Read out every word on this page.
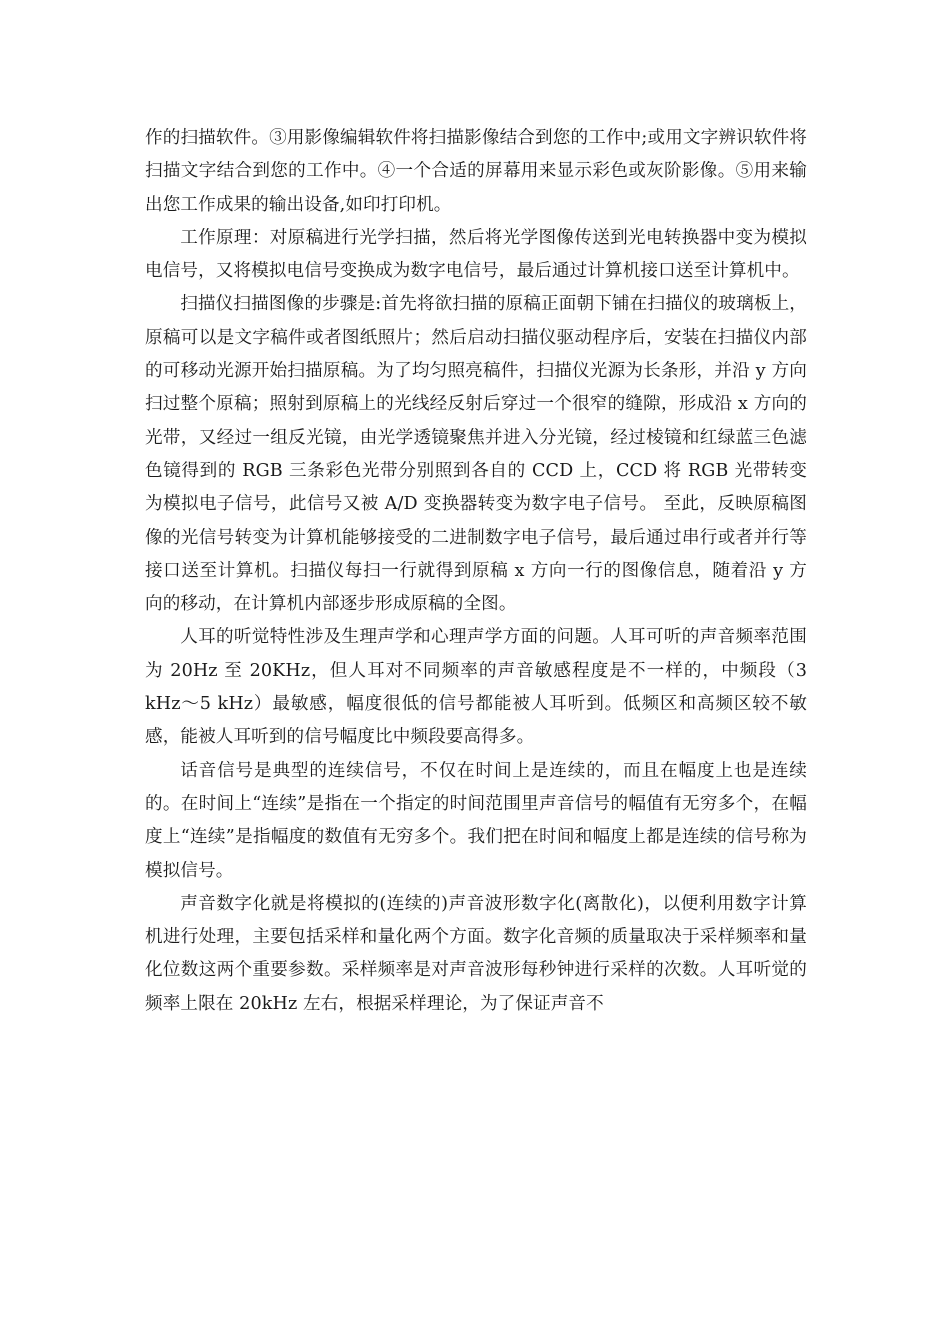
作的扫描软件。③用影像编辑软件将扫描影像结合到您的工作中;或用文字辨识软件将扫描文字结合到您的工作中。④一个合适的屏幕用来显示彩色或灰阶影像。⑤用来输出您工作成果的输出设备,如印打印机。

工作原理：对原稿进行光学扫描，然后将光学图像传送到光电转换器中变为模拟电信号，又将模拟电信号变换成为数字电信号，最后通过计算机接口送至计算机中。

扫描仪扫描图像的步骤是:首先将欲扫描的原稿正面朝下铺在扫描仪的玻璃板上，原稿可以是文字稿件或者图纸照片；然后启动扫描仪驱动程序后，安装在扫描仪内部的可移动光源开始扫描原稿。为了均匀照亮稿件，扫描仪光源为长条形，并沿 y 方向扫过整个原稿；照射到原稿上的光线经反射后穿过一个很窄的缝隙，形成沿 x 方向的光带，又经过一组反光镜，由光学透镜聚焦并进入分光镜，经过棱镜和红绿蓝三色滤色镜得到的 RGB 三条彩色光带分别照到各自的 CCD 上，CCD 将 RGB 光带转变为模拟电子信号，此信号又被 A/D 变换器转变为数字电子信号。 至此，反映原稿图像的光信号转变为计算机能够接受的二进制数字电子信号，最后通过串行或者并行等接口送至计算机。扫描仪每扫一行就得到原稿 x 方向一行的图像信息，随着沿 y 方向的移动，在计算机内部逐步形成原稿的全图。

人耳的听觉特性涉及生理声学和心理声学方面的问题。人耳可听的声音频率范围为 20Hz 至 20KHz，但人耳对不同频率的声音敏感程度是不一样的，中频段（3 kHz～5 kHz）最敏感，幅度很低的信号都能被人耳听到。低频区和高频区较不敏感，能被人耳听到的信号幅度比中频段要高得多。

话音信号是典型的连续信号，不仅在时间上是连续的，而且在幅度上也是连续的。在时间上“连续”是指在一个指定的时间范围里声音信号的幅值有无穷多个，在幅度上“连续”是指幅度的数值有无穷多个。我们把在时间和幅度上都是连续的信号称为模拟信号。

声音数字化就是将模拟的(连续的)声音波形数字化(离散化)，以便利用数字计算机进行处理，主要包括采样和量化两个方面。数字化音频的质量取决于采样频率和量化位数这两个重要参数。采样频率是对声音波形每秒钟进行采样的次数。人耳听觉的频率上限在 20kHz 左右，根据采样理论，为了保证声音不
